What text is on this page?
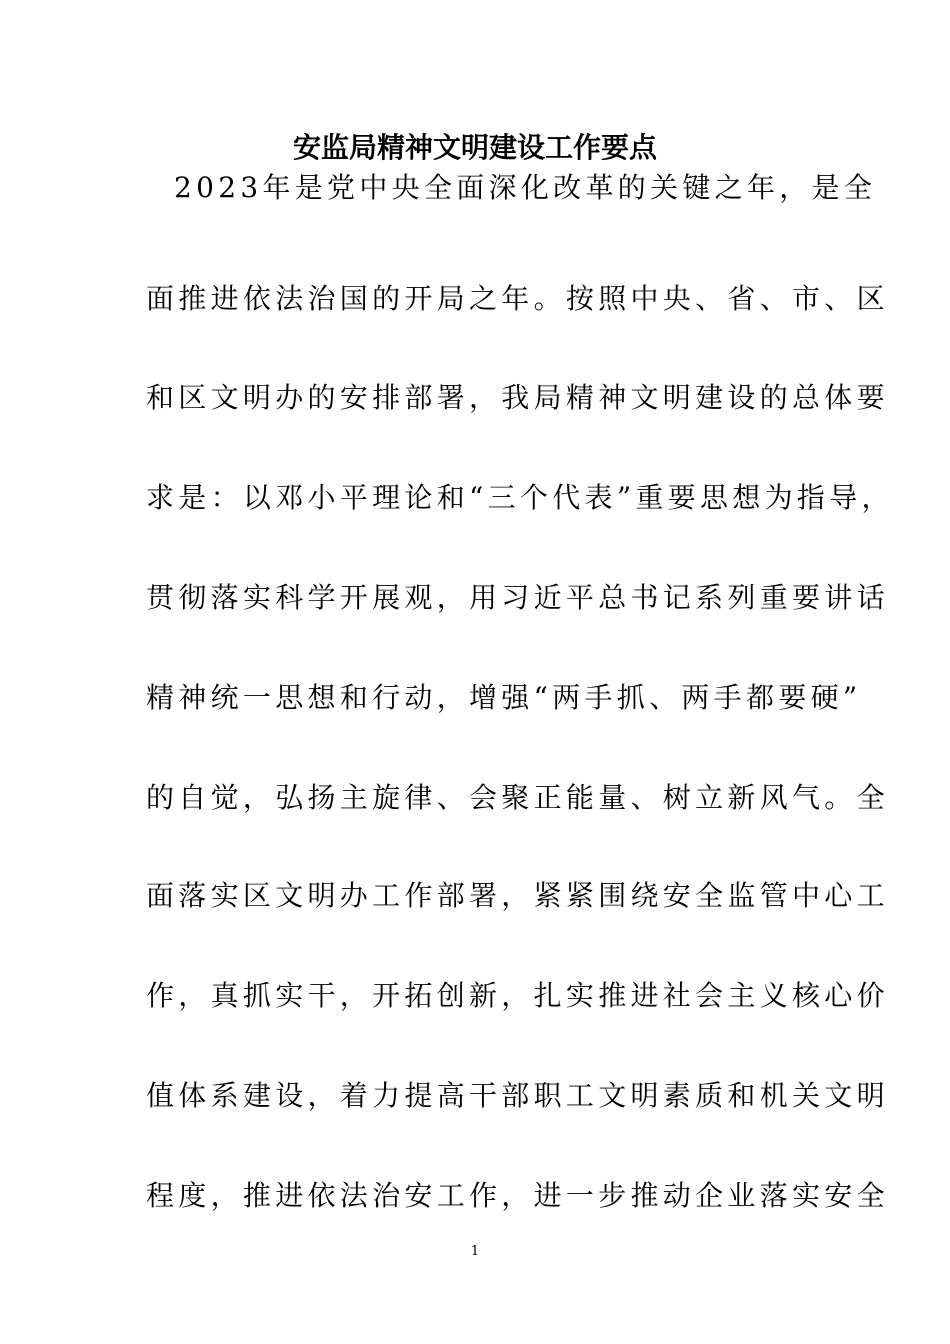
安监局精神文明建设工作要点
2023年是党中央全面深化改革的关键之年，是全
面推进依法治国的开局之年。按照中央、省、市、区
和区文明办的安排部署，我局精神文明建设的总体要
求是：以邓小平理论和“三个代表”重要思想为指导，
贯彻落实科学开展观，用习近平总书记系列重要讲话
精神统一思想和行动，增强“两手抓、两手都要硬”
的自觉，弘扬主旋律、会聚正能量、树立新风气。全
面落实区文明办工作部署，紧紧围绕安全监管中心工
作，真抓实干，开拓创新，扎实推进社会主义核心价
值体系建设，着力提高干部职工文明素质和机关文明
程度，推进依法治安工作，进一步推动企业落实安全
1
